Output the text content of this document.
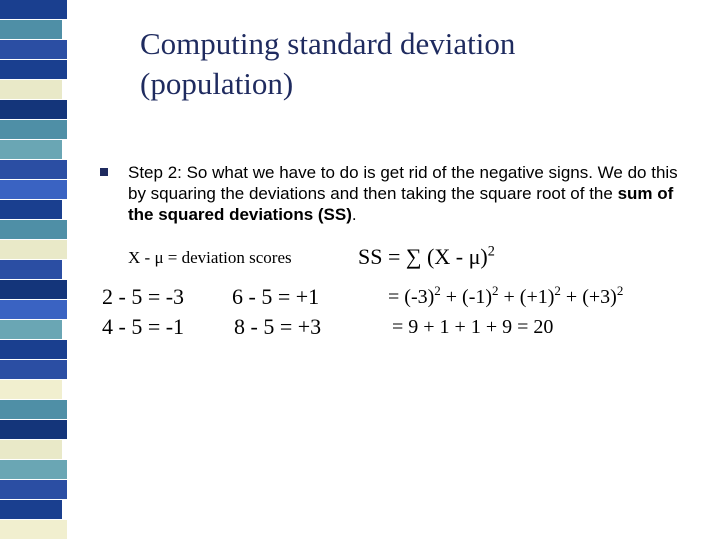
Computing standard deviation
(population)
Step 2: So what we have to do is get rid of the negative signs. We do this by squaring the deviations and then taking the square root of the sum of the squared deviations (SS).
X - μ = deviation scores
2 - 5 = -3 6 - 5 = +1
4 - 5 = -1 8 - 5 = +3
SS = ∑ (X - μ)$^2$
= $(-3)^2 + (-1)^2 + (+1)^2 + (+3)^2$
= 9 + 1 + 1 + 9 = 20
